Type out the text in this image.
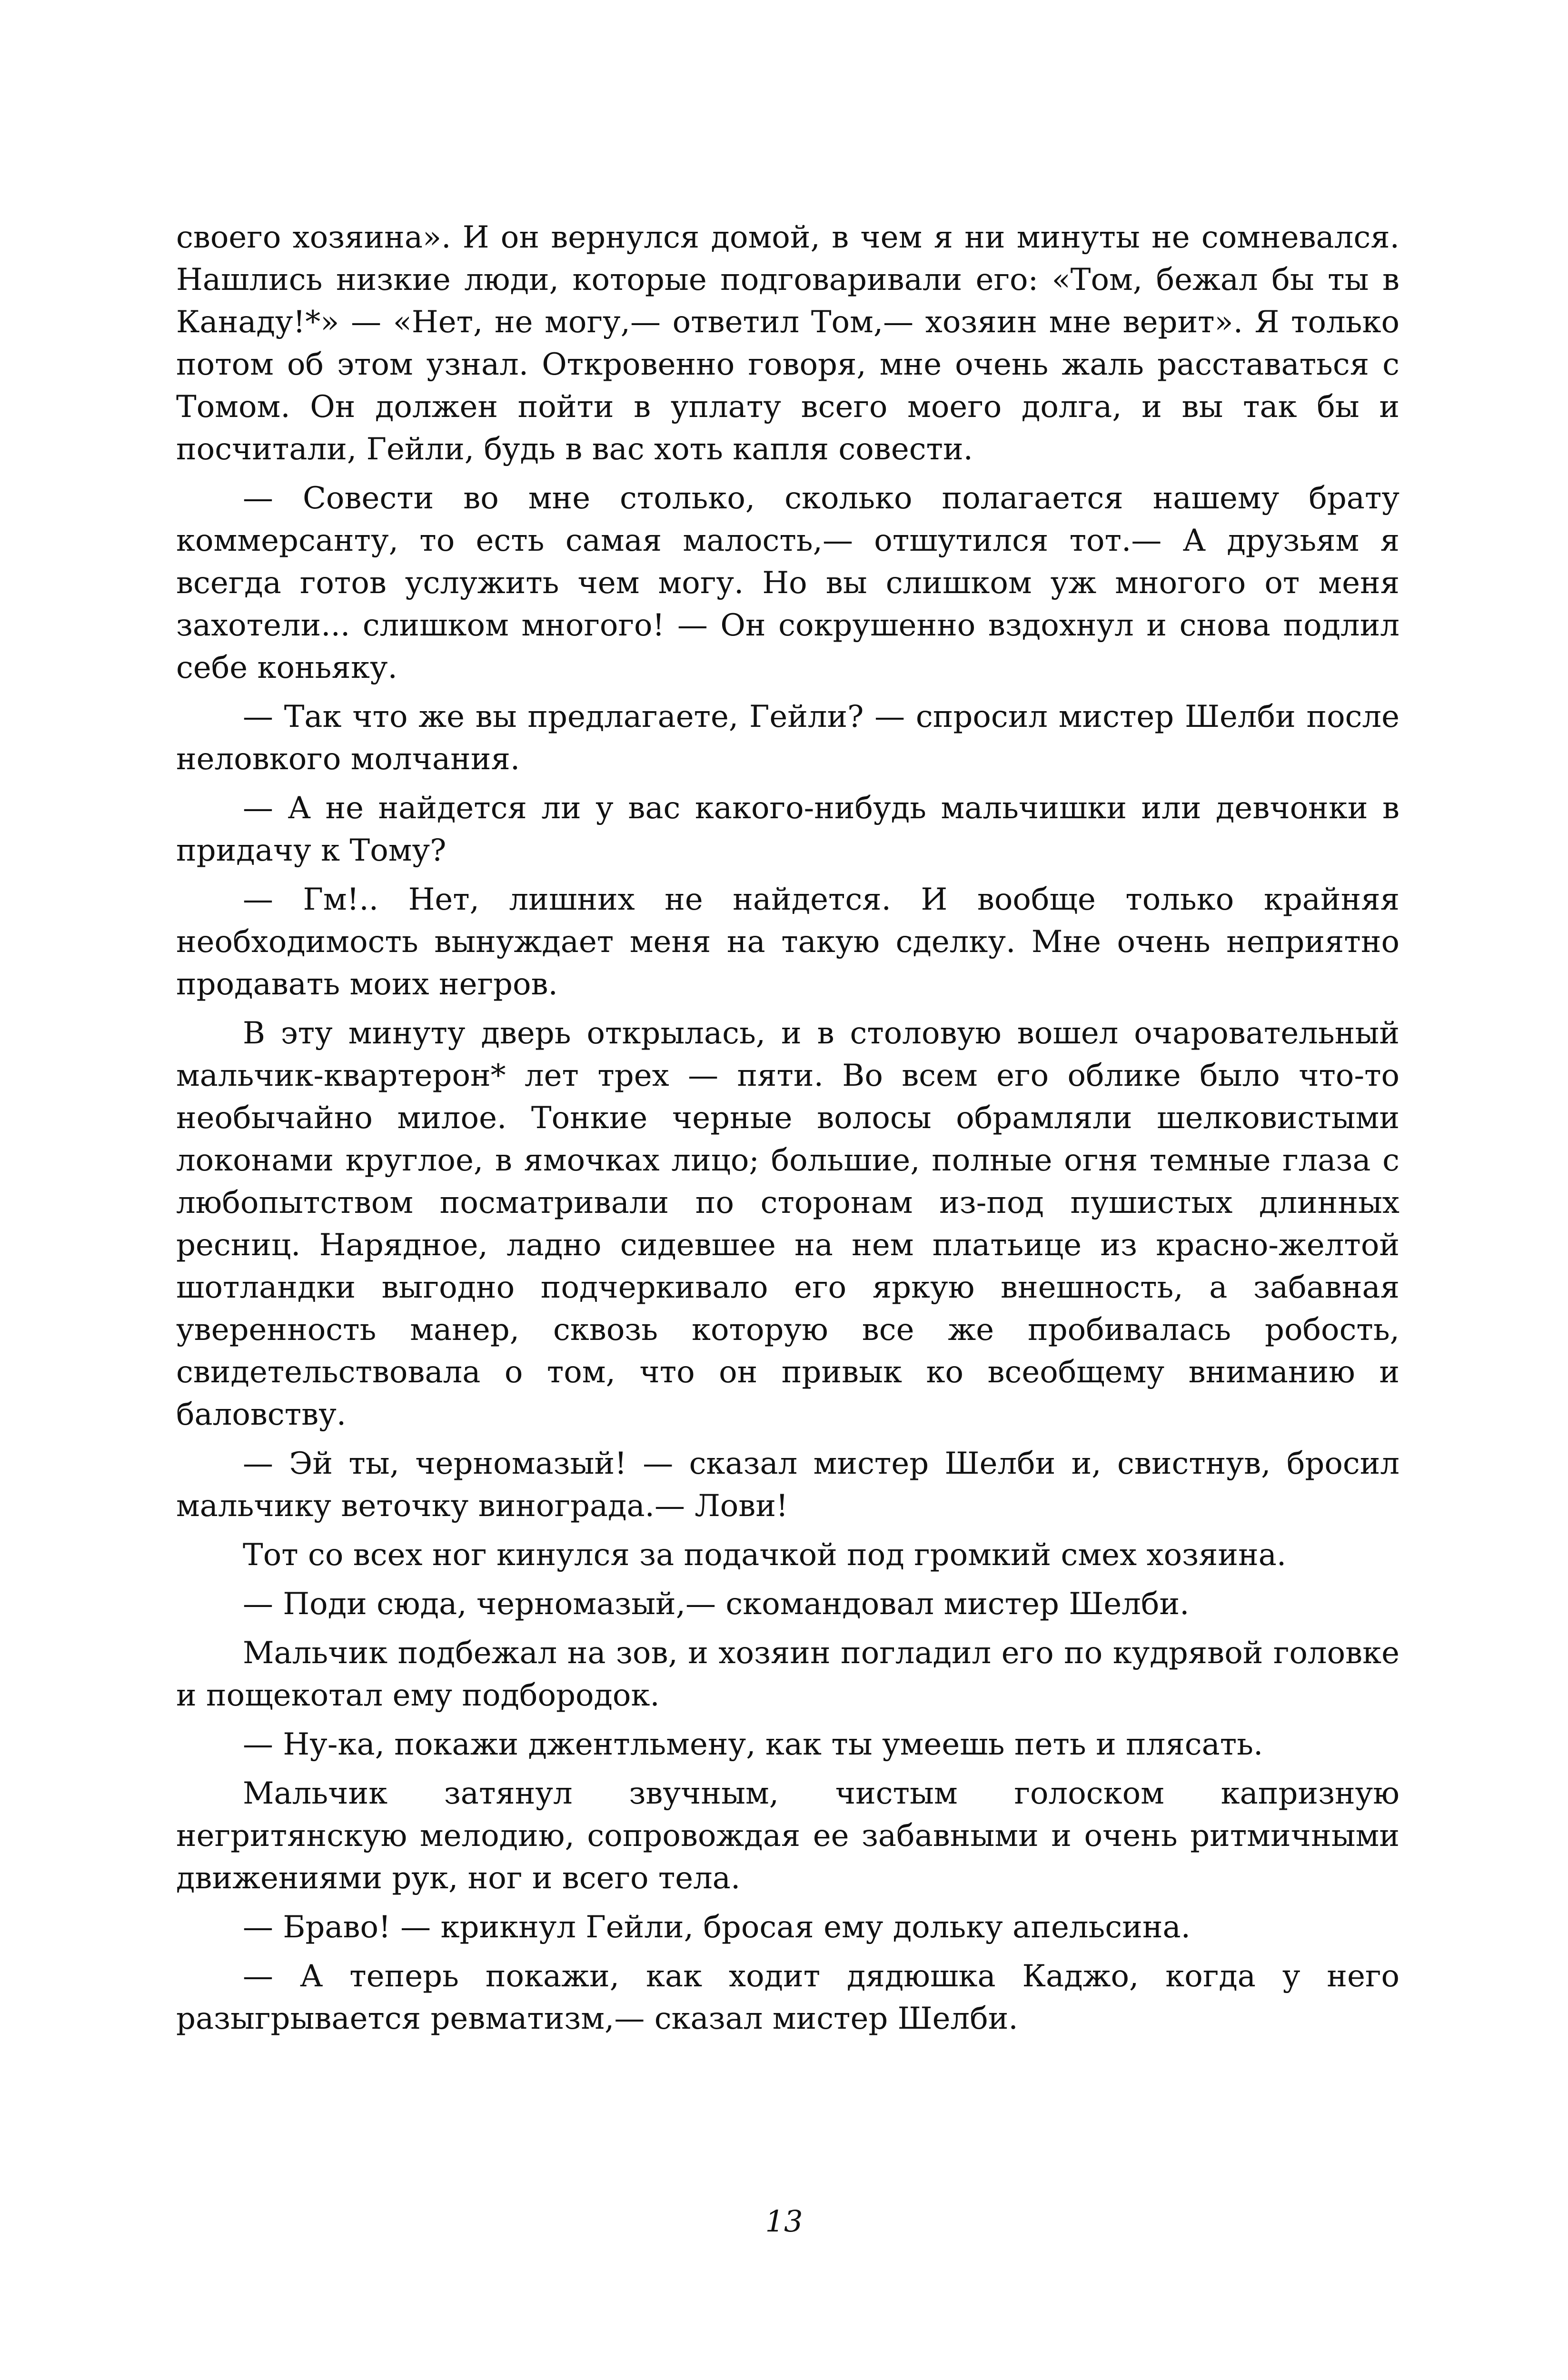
своего хозяина». И он вернулся домой, в чем я ни минуты не сомневался. Нашлись низкие люди, которые подговаривали его: «Том, бежал бы ты в Канаду!*» — «Нет, не могу,— ответил Том,— хозяин мне верит». Я только потом об этом узнал. Откровенно говоря, мне очень жаль расставаться с Томом. Он должен пойти в уплату всего моего долга, и вы так бы и посчитали, Гейли, будь в вас хоть капля совести.

— Совести во мне столько, сколько полагается нашему брату коммерсанту, то есть самая малость,— отшутился тот.— А друзьям я всегда готов услужить чем могу. Но вы слишком уж многого от меня захотели... слишком многого! — Он сокрушенно вздохнул и снова подлил себе коньяку.

— Так что же вы предлагаете, Гейли? — спросил мистер Шелби после неловкого молчания.

— А не найдется ли у вас какого-нибудь мальчишки или девчонки в придачу к Тому?

— Гм!.. Нет, лишних не найдется. И вообще только крайняя необходимость вынуждает меня на такую сделку. Мне очень неприятно продавать моих негров.

В эту минуту дверь открылась, и в столовую вошел очаровательный мальчик-квартерон* лет трех — пяти. Во всем его облике было что-то необычайно милое. Тонкие черные волосы обрамляли шелковистыми локонами круглое, в ямочках лицо; большие, полные огня темные глаза с любопытством посматривали по сторонам из-под пушистых длинных ресниц. Нарядное, ладно сидевшее на нем платьице из красно-желтой шотландки выгодно подчеркивало его яркую внешность, а забавная уверенность манер, сквозь которую все же пробивалась робость, свидетельствовала о том, что он привык ко всеобщему вниманию и баловству.

— Эй ты, черномазый! — сказал мистер Шелби и, свистнув, бросил мальчику веточку винограда.— Лови!

Тот со всех ног кинулся за подачкой под громкий смех хозяина.

— Поди сюда, черномазый,— скомандовал мистер Шелби.

Мальчик подбежал на зов, и хозяин погладил его по кудрявой головке и пощекотал ему подбородок.

— Ну-ка, покажи джентльмену, как ты умеешь петь и плясать.

Мальчик затянул звучным, чистым голоском капризную негритянскую мелодию, сопровождая ее забавными и очень ритмичными движениями рук, ног и всего тела.

— Браво! — крикнул Гейли, бросая ему дольку апельсина.

— А теперь покажи, как ходит дядюшка Каджо, когда у него разыгрывается ревматизм,— сказал мистер Шелби.

13
